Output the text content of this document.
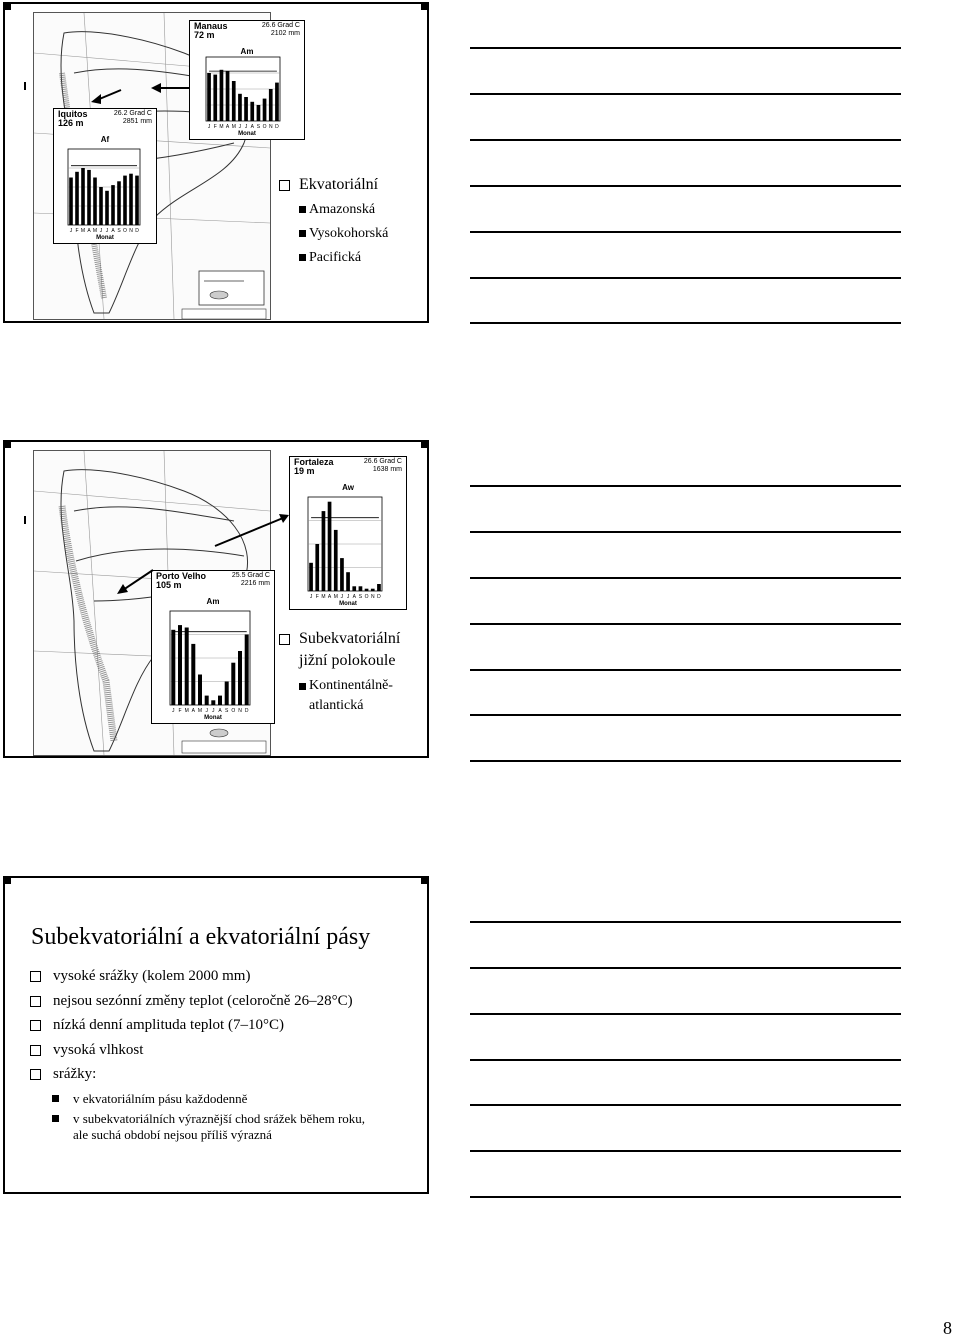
Manaus
72 m
26.6 Grad C
2102 mm
Am
J F M A M J J A S O N D
Monat
Iquitos
126 m
26.2 Grad C
2851 mm
Af
J F M A M J J A S O N D
Monat
Ekvatoriální
Amazonská
Vysokohorská
Pacifická
Fortaleza
19 m
26.6 Grad C
1638 mm
Aw
J F M A M J J A S O N D
Monat
Porto Velho
105 m
25.5 Grad C
2216 mm
Am
J F M A M J J A S O N D
Monat
Subekvatoriální
jižní polokoule
Kontinentálně-
atlantická
Subekvatoriální a ekvatoriální pásy
vysoké srážky (kolem 2000 mm)
nejsou sezónní změny teplot (celoročně 26–28°C)
nízká denní amplituda teplot (7–10°C)
vysoká vlhkost
srážky:
v ekvatoriálním pásu každodenně
v subekvatoriálních výraznější chod srážek během roku,
ale suchá období nejsou příliš výrazná
8
